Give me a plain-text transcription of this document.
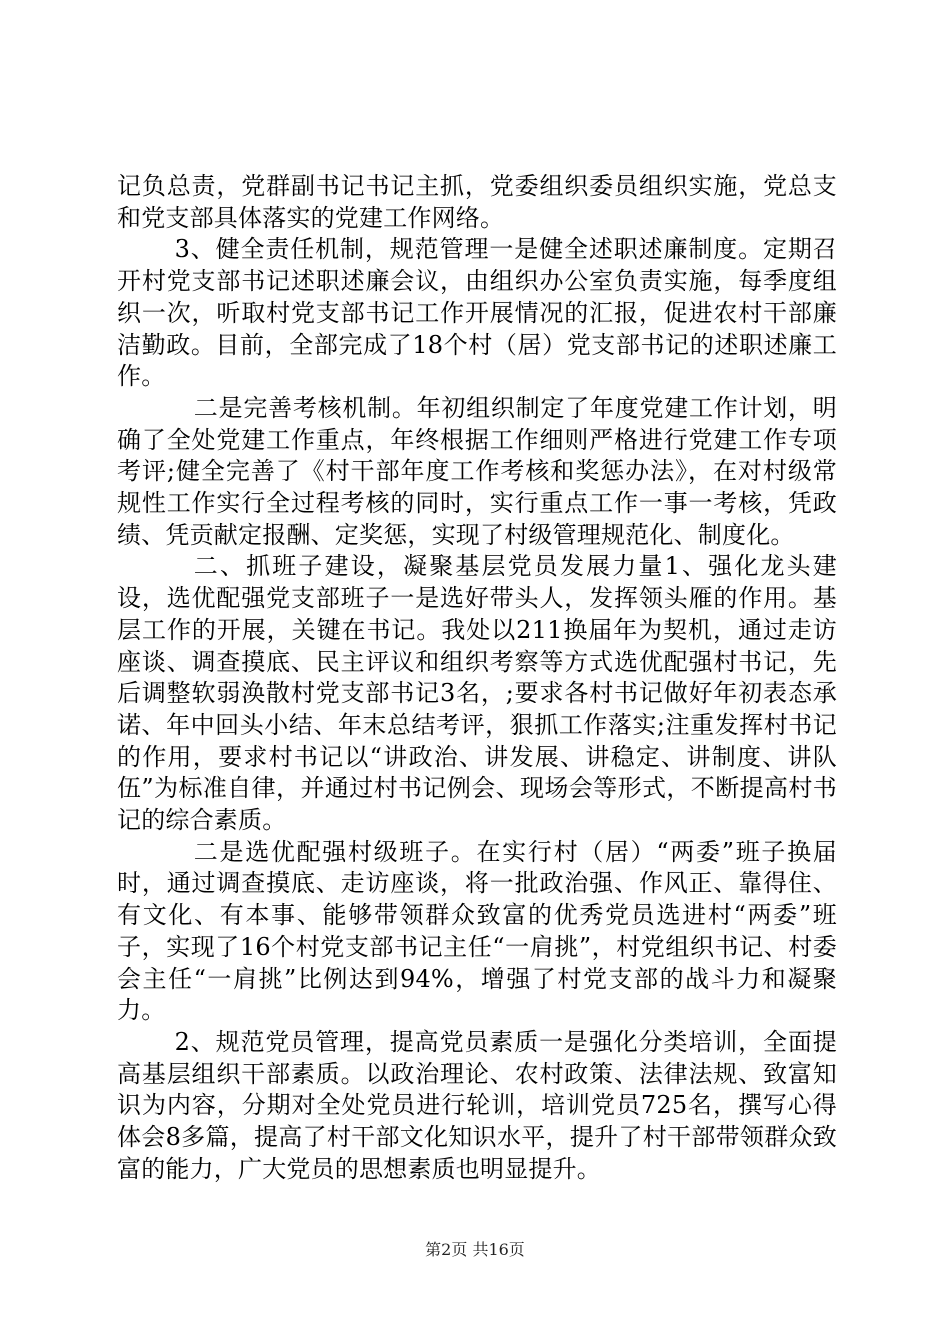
记负总责，党群副书记书记主抓，党委组织委员组织实施，党总支和党支部具体落实的党建工作网络。

3、健全责任机制，规范管理一是健全述职述廉制度。定期召开村党支部书记述职述廉会议，由组织办公室负责实施，每季度组织一次，听取村党支部书记工作开展情况的汇报，促进农村干部廉洁勤政。目前，全部完成了18个村（居）党支部书记的述职述廉工作。

二是完善考核机制。年初组织制定了年度党建工作计划，明确了全处党建工作重点，年终根据工作细则严格进行党建工作专项考评;健全完善了《村干部年度工作考核和奖惩办法》，在对村级常规性工作实行全过程考核的同时，实行重点工作一事一考核，凭政绩、凭贡献定报酬、定奖惩，实现了村级管理规范化、制度化。

二、抓班子建设，凝聚基层党员发展力量1、强化龙头建设，选优配强党支部班子一是选好带头人，发挥领头雁的作用。基层工作的开展，关键在书记。我处以211换届年为契机，通过走访座谈、调查摸底、民主评议和组织考察等方式选优配强村书记，先后调整软弱涣散村党支部书记3名，;要求各村书记做好年初表态承诺、年中回头小结、年末总结考评，狠抓工作落实;注重发挥村书记的作用，要求村书记以“讲政治、讲发展、讲稳定、讲制度、讲队伍”为标准自律，并通过村书记例会、现场会等形式，不断提高村书记的综合素质。

二是选优配强村级班子。在实行村（居）“两委”班子换届时，通过调查摸底、走访座谈，将一批政治强、作风正、靠得住、有文化、有本事、能够带领群众致富的优秀党员选进村“两委”班子，实现了16个村党支部书记主任“一肩挑”，村党组织书记、村委会主任“一肩挑”比例达到94%，增强了村党支部的战斗力和凝聚力。

2、规范党员管理，提高党员素质一是强化分类培训，全面提高基层组织干部素质。以政治理论、农村政策、法律法规、致富知识为内容，分期对全处党员进行轮训，培训党员725名，撰写心得体会8多篇，提高了村干部文化知识水平，提升了村干部带领群众致富的能力，广大党员的思想素质也明显提升。

第2页 共16页
